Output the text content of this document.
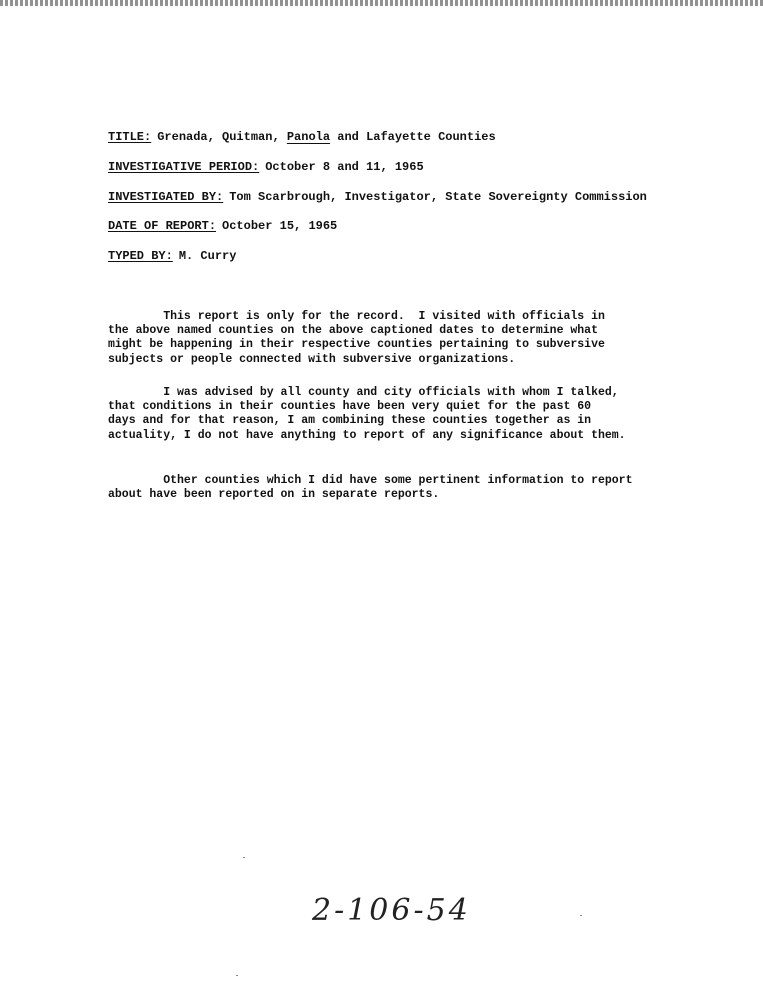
TITLE: Grenada, Quitman, Panola and Lafayette Counties
INVESTIGATIVE PERIOD: October 8 and 11, 1965
INVESTIGATED BY: Tom Scarbrough, Investigator, State Sovereignty Commission
DATE OF REPORT: October 15, 1965
TYPED BY: M. Curry

This report is only for the record.  I visited with officials in
the above named counties on the above captioned dates to determine what
might be happening in their respective counties pertaining to subversive
subjects or people connected with subversive organizations.

I was advised by all county and city officials with whom I talked,
that conditions in their counties have been very quiet for the past 60
days and for that reason, I am combining these counties together as in
actuality, I do not have anything to report of any significance about them.

Other counties which I did have some pertinent information to report
about have been reported on in separate reports.

2-106-54
